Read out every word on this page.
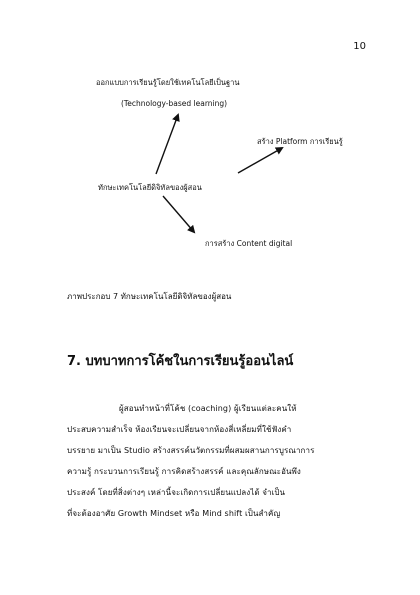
10
ออกแบบการเรียนรู้โดยใช้เทคโนโลยีเป็นฐาน
(Technology-based learning)
สร้าง Platform การเรียนรู้
ทักษะเทคโนโลยีดิจิทัลของผู้สอน
การสร้าง Content digital
ภาพประกอบ 7 ทักษะเทคโนโลยีดิจิทัลของผู้สอน
7. บทบาทการโค้ชในการเรียนรู้ออนไลน์
ผู้สอนทำหน้าที่โค้ช (coaching) ผู้เรียนแต่ละคนให้
ประสบความสำเร็จ ห้องเรียนจะเปลี่ยนจากห้องสี่เหลี่ยมที่ใช้ฟังคำ
บรรยาย มาเป็น Studio สร้างสรรค์นวัตกรรมที่ผสมผสานการบูรณาการ
ความรู้ กระบวนการเรียนรู้ การคิดสร้างสรรค์ และคุณลักษณะอันพึง
ประสงค์ โดยที่สิ่งต่างๆ เหล่านี้จะเกิดการเปลี่ยนแปลงได้ จำเป็น
ที่จะต้องอาศัย Growth Mindset หรือ Mind shift เป็นสำคัญ
